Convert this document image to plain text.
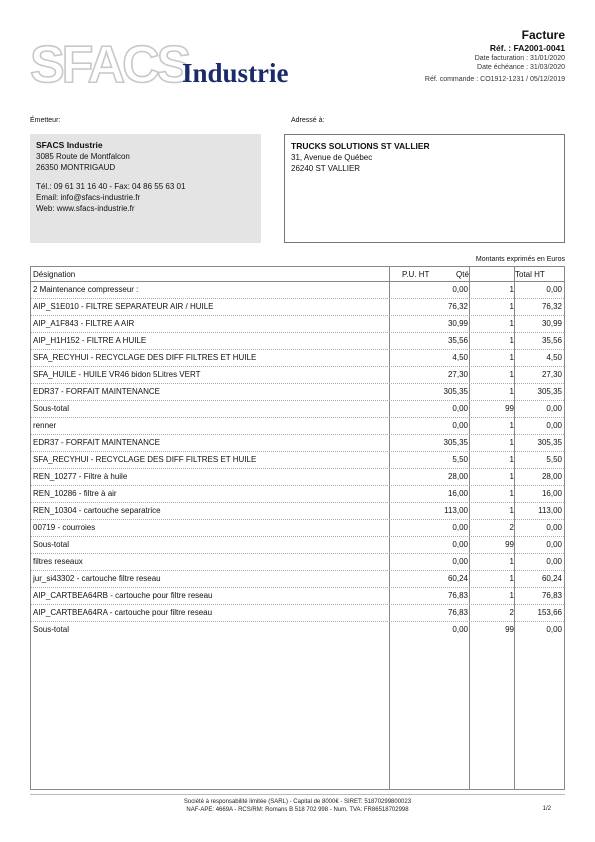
SFACS
Industrie
Facture
Réf. : FA2001-0041
Date facturation : 31/01/2020
Date échéance : 31/03/2020
Réf. commande : CO1912-1231 / 05/12/2019
Émetteur:	Adressé à:
SFACS Industrie
3085 Route de Montfalcon
26350 MONTRIGAUD
Tél.: 09 61 31 16 40 - Fax: 04 86 55 63 01
Email: info@sfacs-industrie.fr
Web: www.sfacs-industrie.fr
TRUCKS SOLUTIONS ST VALLIER
31, Avenue de Québec
26240 ST VALLIER
Montants exprimés en Euros
Désignation	P.U. HT	Qté	Total HT
2 Maintenance compresseur :	0,00	1	0,00
AIP_S1E010 - FILTRE SEPARATEUR AIR / HUILE	76,32	1	76,32
AIP_A1F843 - FILTRE A AIR	30,99	1	30,99
AIP_H1H152 - FILTRE A HUILE	35,56	1	35,56
SFA_RECYHUI - RECYCLAGE DES DIFF FILTRES ET HUILE	4,50	1	4,50
SFA_HUILE - HUILE VR46 bidon 5Litres VERT	27,30	1	27,30
EDR37 - FORFAIT MAINTENANCE	305,35	1	305,35
Sous-total	0,00	99	0,00
renner	0,00	1	0,00
EDR37 - FORFAIT MAINTENANCE	305,35	1	305,35
SFA_RECYHUI - RECYCLAGE DES DIFF FILTRES ET HUILE	5,50	1	5,50
REN_10277 - Filtre à huile	28,00	1	28,00
REN_10286 - filtre à air	16,00	1	16,00
REN_10304 - cartouche separatrice	113,00	1	113,00
00719 - courroies	0,00	2	0,00
Sous-total	0,00	99	0,00
filtres reseaux	0,00	1	0,00
jur_si43302 - cartouche filtre reseau	60,24	1	60,24
AIP_CARTBEA64RB - cartouche pour filtre reseau	76,83	1	76,83
AIP_CARTBEA64RA - cartouche pour filtre reseau	76,83	2	153,66
Sous-total	0,00	99	0,00
Société à responsabilité limitée (SARL) - Capital de 8000€ - SIRET: 51870299800023
NAF-APE: 4669A - RCS/RM: Romans B 518 702 998 - Num. TVA: FR86518702998	1/2
